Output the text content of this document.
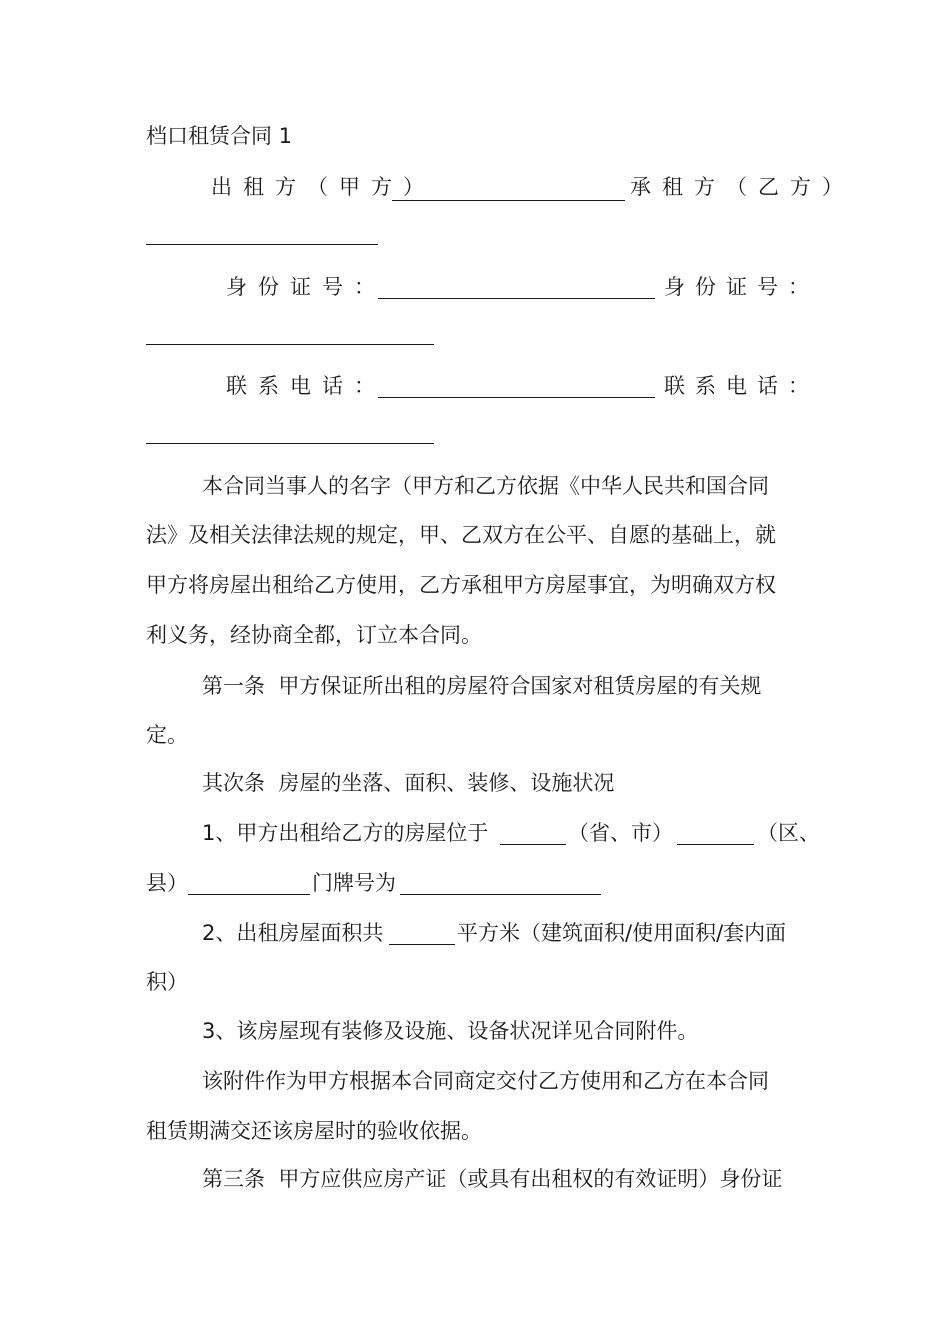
档口租赁合同 1
出租方（甲方）	承租方（乙方）
身份证号：	身份证号：
联系电话：	联系电话：
本合同当事人的名字（甲方和乙方依据《中华人民共和国合同
法》及相关法律法规的规定，甲、乙双方在公平、自愿的基础上，就
甲方将房屋出租给乙方使用，乙方承租甲方房屋事宜，为明确双方权
利义务，经协商全都，订立本合同。
第一条  甲方保证所出租的房屋符合国家对租赁房屋的有关规
定。
其次条  房屋的坐落、面积、装修、设施状况
1、甲方出租给乙方的房屋位于	（省、市）	（区、
县）	门牌号为
2、出租房屋面积共	平方米（建筑面积/使用面积/套内面
积）
3、该房屋现有装修及设施、设备状况详见合同附件。
该附件作为甲方根据本合同商定交付乙方使用和乙方在本合同
租赁期满交还该房屋时的验收依据。
第三条  甲方应供应房产证（或具有出租权的有效证明）身份证
